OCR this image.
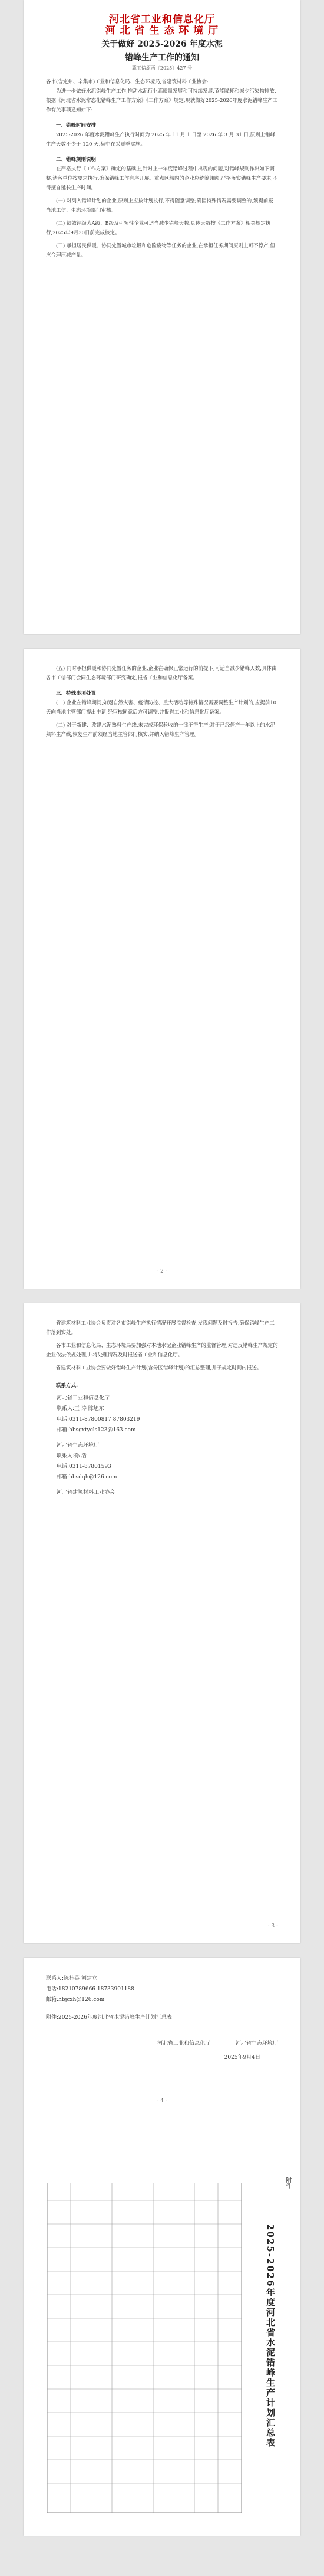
河北省工业和信息化厅
河 北 省 生 态 环 境 厅
关于做好 2025-2026 年度水泥
错峰生产工作的通知
冀工信原函〔2025〕427 号
各市(含定州、辛集市)工业和信息化局、生态环境局,省建筑材料工业协会:
为进一步做好水泥错峰生产工作,推动水泥行业高质量发展和可持续发展,节能降耗和减少污染物排放,根据《河北省水泥常态化错峰生产工作方案》《工作方案》规定,现就做好2025-2026年度水泥错峰生产工作有关事项通知如下:
一、错峰时间安排
2025-2026 年度水泥错峰生产执行时间为 2025 年 11 月 1 日至 2026 年 3 月 31 日,原则上错峰生产天数不少于 120 天,集中在采暖季实施。
二、错峰规则说明
在严格执行《工作方案》确定的基础上,针对上一年度错峰过程中出现的问题,对错峰规则作出如下调整,请各单位按要求执行,确保错峰工作有序开展。重点区域内的企业应统筹兼顾,严格落实错峰生产要求,不得擅自延长生产时间。
(一) 对列入错峰计划的企业,原则上应按计划执行,不得随意调整;确因特殊情况需要调整的,须提前报当地工信、生态环境部门审核。
(二) 绩效评级为A级、B级及引领性企业可适当减少错峰天数,具体天数按《工作方案》相关规定执行,2025年9月30日前完成核定。
(三) 承担居民供暖、协同处置城市垃圾和危险废物等任务的企业,在承担任务期间原则上可不停产,但应合理压减产量。
(五) 同时承担供暖和协同处置任务的企业,企业在确保正常运行的前提下,可适当减少错峰天数,具体由各市工信部门会同生态环境部门研究确定,报省工业和信息化厅备案。
三、特殊事项处置
(一) 企业在错峰期间,如遇自然灾害、疫情防控、重大活动等特殊情况需要调整生产计划的,应提前10天向当地主管部门提出申请,经审核同意后方可调整,并报省工业和信息化厅备案。
(二) 对于新建、改建水泥熟料生产线,未完成环保验收的一律不得生产;对于已经停产一年以上的水泥熟料生产线,恢复生产前须经当地主管部门核实,并纳入错峰生产管理。
- 2 -
省建筑材料工业协会负责对各市错峰生产执行情况开展监督检查,发现问题及时报告,确保错峰生产工作落到实处。
各市工业和信息化局、生态环境局要加强对本地水泥企业错峰生产的监督管理,对违反错峰生产规定的企业依法依规处理,并将处理情况及时报送省工业和信息化厅。
省建筑材料工业协会要做好错峰生产计划(含分区错峰计划)的汇总整理,并于规定时间内报送。
联系方式:
河北省工业和信息化厅
联系人:王 涛 陈旭东
电话:0311-87800817 87803219
邮箱:hbsgxtycls123@163.com
河北省生态环境厅
联系人:孙 浩
电话:0311-87801593
邮箱:hbsdqh@126.com
河北省建筑材料工业协会
- 3 -
联系人:陈桂英 刘建立
电话:18210789666 18733901188
邮箱:hbjcxh@126.com
附件:2025-2026年度河北省水泥错峰生产计划汇总表
河北省工业和信息化厅	河北省生态环境厅
2025年9月4日
- 4 -
附件
2025-2026年度河北省水泥错峰生产计划汇总表
